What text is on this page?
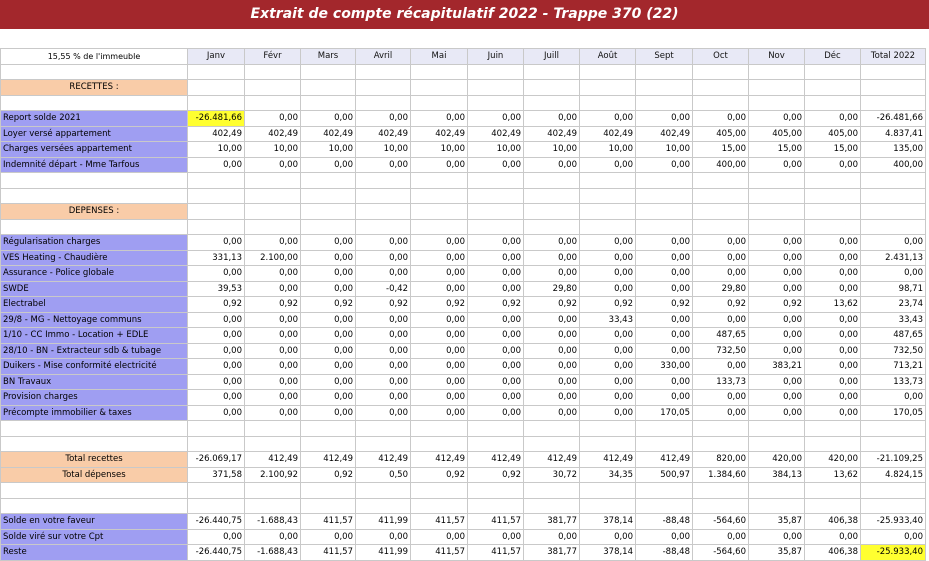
Extrait de compte récapitulatif 2022 - Trappe 370 (22)
15,55 % de l'immeuble	Janv	Févr	Mars	Avril	Mai	Juin	Juill	Août	Sept	Oct	Nov	Déc	Total 2022

RECETTES :													

Report solde 2021	-26.481,66	0,00	0,00	0,00	0,00	0,00	0,00	0,00	0,00	0,00	0,00	0,00	-26.481,66
Loyer versé appartement	402,49	402,49	402,49	402,49	402,49	402,49	402,49	402,49	402,49	405,00	405,00	405,00	4.837,41
Charges versées appartement	10,00	10,00	10,00	10,00	10,00	10,00	10,00	10,00	10,00	15,00	15,00	15,00	135,00
Indemnité départ - Mme Tarfous	0,00	0,00	0,00	0,00	0,00	0,00	0,00	0,00	0,00	400,00	0,00	0,00	400,00

DEPENSES :													

Régularisation charges	0,00	0,00	0,00	0,00	0,00	0,00	0,00	0,00	0,00	0,00	0,00	0,00	0,00
VES Heating - Chaudière	331,13	2.100,00	0,00	0,00	0,00	0,00	0,00	0,00	0,00	0,00	0,00	0,00	2.431,13
Assurance - Police globale	0,00	0,00	0,00	0,00	0,00	0,00	0,00	0,00	0,00	0,00	0,00	0,00	0,00
SWDE	39,53	0,00	0,00	-0,42	0,00	0,00	29,80	0,00	0,00	29,80	0,00	0,00	98,71
Electrabel	0,92	0,92	0,92	0,92	0,92	0,92	0,92	0,92	0,92	0,92	0,92	13,62	23,74
29/8 - MG - Nettoyage communs	0,00	0,00	0,00	0,00	0,00	0,00	0,00	33,43	0,00	0,00	0,00	0,00	33,43
1/10 - CC Immo - Location + EDLE	0,00	0,00	0,00	0,00	0,00	0,00	0,00	0,00	0,00	487,65	0,00	0,00	487,65
28/10 - BN - Extracteur sdb & tubage	0,00	0,00	0,00	0,00	0,00	0,00	0,00	0,00	0,00	732,50	0,00	0,00	732,50
Duikers - Mise conformité electricité	0,00	0,00	0,00	0,00	0,00	0,00	0,00	0,00	330,00	0,00	383,21	0,00	713,21
BN Travaux	0,00	0,00	0,00	0,00	0,00	0,00	0,00	0,00	0,00	133,73	0,00	0,00	133,73
Provision charges	0,00	0,00	0,00	0,00	0,00	0,00	0,00	0,00	0,00	0,00	0,00	0,00	0,00
Précompte immobilier & taxes	0,00	0,00	0,00	0,00	0,00	0,00	0,00	0,00	170,05	0,00	0,00	0,00	170,05

Total recettes	-26.069,17	412,49	412,49	412,49	412,49	412,49	412,49	412,49	412,49	820,00	420,00	420,00	-21.109,25
Total dépenses	371,58	2.100,92	0,92	0,50	0,92	0,92	30,72	34,35	500,97	1.384,60	384,13	13,62	4.824,15

Solde en votre faveur	-26.440,75	-1.688,43	411,57	411,99	411,57	411,57	381,77	378,14	-88,48	-564,60	35,87	406,38	-25.933,40
Solde viré sur votre Cpt	0,00	0,00	0,00	0,00	0,00	0,00	0,00	0,00	0,00	0,00	0,00	0,00	0,00
Reste	-26.440,75	-1.688,43	411,57	411,99	411,57	411,57	381,77	378,14	-88,48	-564,60	35,87	406,38	-25.933,40
